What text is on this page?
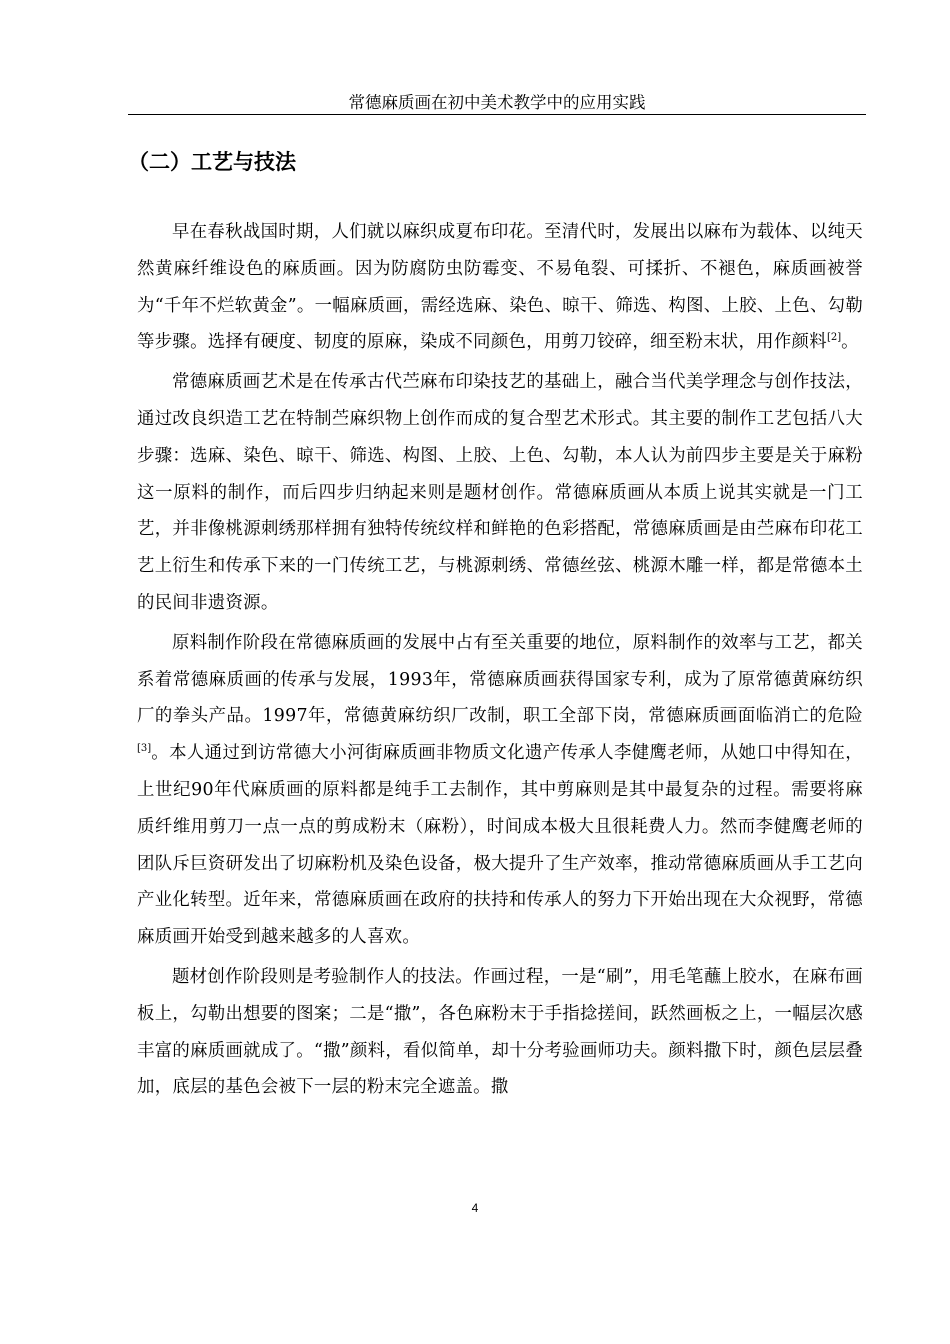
常德麻质画在初中美术教学中的应用实践
（二）工艺与技法

早在春秋战国时期，人们就以麻织成夏布印花。至清代时，发展出以麻布为载体、以纯天然黄麻纤维设色的麻质画。因为防腐防虫防霉变、不易龟裂、可揉折、不褪色，麻质画被誉为“千年不烂软黄金”。一幅麻质画，需经选麻、染色、晾干、筛选、构图、上胶、上色、勾勒等步骤。选择有硬度、韧度的原麻，染成不同颜色，用剪刀铰碎，细至粉末状，用作颜料[2]。

常德麻质画艺术是在传承古代苎麻布印染技艺的基础上，融合当代美学理念与创作技法，通过改良织造工艺在特制苎麻织物上创作而成的复合型艺术形式。其主要的制作工艺包括八大步骤：选麻、染色、晾干、筛选、构图、上胶、上色、勾勒，本人认为前四步主要是关于麻粉这一原料的制作，而后四步归纳起来则是题材创作。常德麻质画从本质上说其实就是一门工艺，并非像桃源刺绣那样拥有独特传统纹样和鲜艳的色彩搭配，常德麻质画是由苎麻布印花工艺上衍生和传承下来的一门传统工艺，与桃源刺绣、常德丝弦、桃源木雕一样，都是常德本土的民间非遗资源。

原料制作阶段在常德麻质画的发展中占有至关重要的地位，原料制作的效率与工艺，都关系着常德麻质画的传承与发展，1993年，常德麻质画获得国家专利，成为了原常德黄麻纺织厂的拳头产品。1997年，常德黄麻纺织厂改制，职工全部下岗，常德麻质画面临消亡的危险[3]。本人通过到访常德大小河街麻质画非物质文化遗产传承人李健鹰老师，从她口中得知在，上世纪90年代麻质画的原料都是纯手工去制作，其中剪麻则是其中最复杂的过程。需要将麻质纤维用剪刀一点一点的剪成粉末（麻粉），时间成本极大且很耗费人力。然而李健鹰老师的团队斥巨资研发出了切麻粉机及染色设备，极大提升了生产效率，推动常德麻质画从手工艺向产业化转型。近年来，常德麻质画在政府的扶持和传承人的努力下开始出现在大众视野，常德麻质画开始受到越来越多的人喜欢。

题材创作阶段则是考验制作人的技法。作画过程，一是“刷”，用毛笔蘸上胶水，在麻布画板上，勾勒出想要的图案；二是“撒”，各色麻粉末于手指捻搓间，跃然画板之上，一幅层次感丰富的麻质画就成了。“撒”颜料，看似简单，却十分考验画师功夫。颜料撒下时，颜色层层叠加，底层的基色会被下一层的粉末完全遮盖。撒

4
